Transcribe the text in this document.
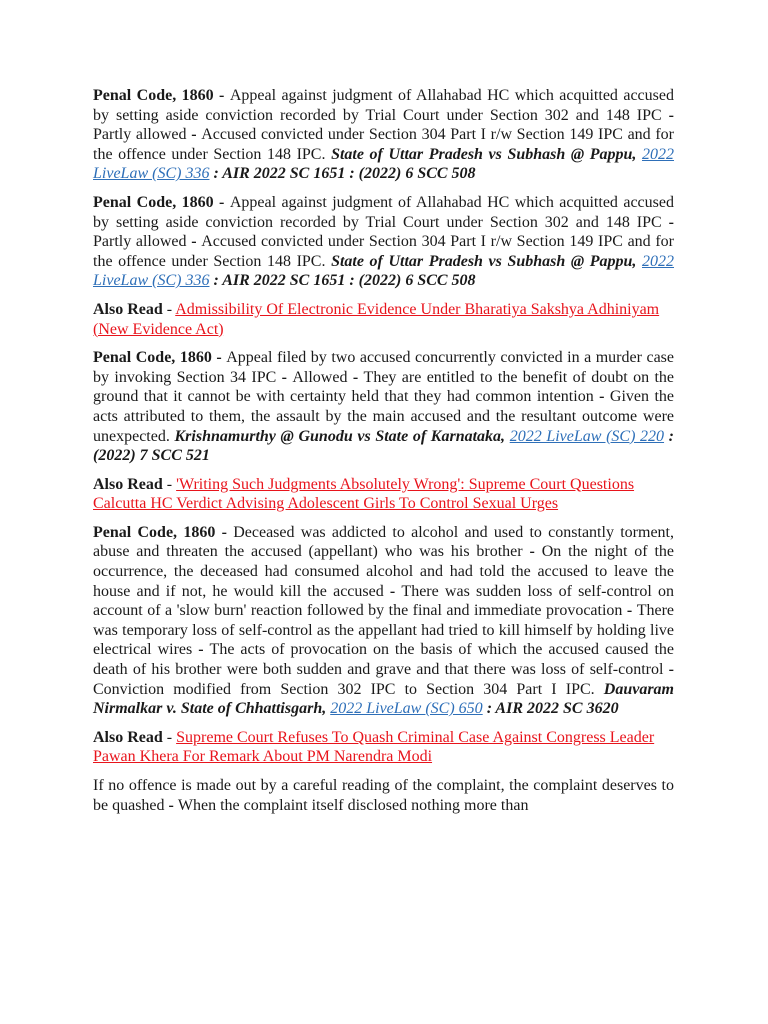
Penal Code, 1860 - Appeal against judgment of Allahabad HC which acquitted accused by setting aside conviction recorded by Trial Court under Section 302 and 148 IPC - Partly allowed - Accused convicted under Section 304 Part I r/w Section 149 IPC and for the offence under Section 148 IPC. State of Uttar Pradesh vs Subhash @ Pappu, 2022 LiveLaw (SC) 336 : AIR 2022 SC 1651 : (2022) 6 SCC 508

Penal Code, 1860 - Appeal against judgment of Allahabad HC which acquitted accused by setting aside conviction recorded by Trial Court under Section 302 and 148 IPC - Partly allowed - Accused convicted under Section 304 Part I r/w Section 149 IPC and for the offence under Section 148 IPC. State of Uttar Pradesh vs Subhash @ Pappu, 2022 LiveLaw (SC) 336 : AIR 2022 SC 1651 : (2022) 6 SCC 508

Also Read - Admissibility Of Electronic Evidence Under Bharatiya Sakshya Adhiniyam (New Evidence Act)

Penal Code, 1860 - Appeal filed by two accused concurrently convicted in a murder case by invoking Section 34 IPC - Allowed - They are entitled to the benefit of doubt on the ground that it cannot be with certainty held that they had common intention - Given the acts attributed to them, the assault by the main accused and the resultant outcome were unexpected. Krishnamurthy @ Gunodu vs State of Karnataka, 2022 LiveLaw (SC) 220 : (2022) 7 SCC 521

Also Read - 'Writing Such Judgments Absolutely Wrong': Supreme Court Questions Calcutta HC Verdict Advising Adolescent Girls To Control Sexual Urges

Penal Code, 1860 - Deceased was addicted to alcohol and used to constantly torment, abuse and threaten the accused (appellant) who was his brother - On the night of the occurrence, the deceased had consumed alcohol and had told the accused to leave the house and if not, he would kill the accused - There was sudden loss of self-control on account of a 'slow burn' reaction followed by the final and immediate provocation - There was temporary loss of self-control as the appellant had tried to kill himself by holding live electrical wires - The acts of provocation on the basis of which the accused caused the death of his brother were both sudden and grave and that there was loss of self-control - Conviction modified from Section 302 IPC to Section 304 Part I IPC. Dauvaram Nirmalkar v. State of Chhattisgarh, 2022 LiveLaw (SC) 650 : AIR 2022 SC 3620

Also Read - Supreme Court Refuses To Quash Criminal Case Against Congress Leader Pawan Khera For Remark About PM Narendra Modi

If no offence is made out by a careful reading of the complaint, the complaint deserves to be quashed - When the complaint itself disclosed nothing more than
